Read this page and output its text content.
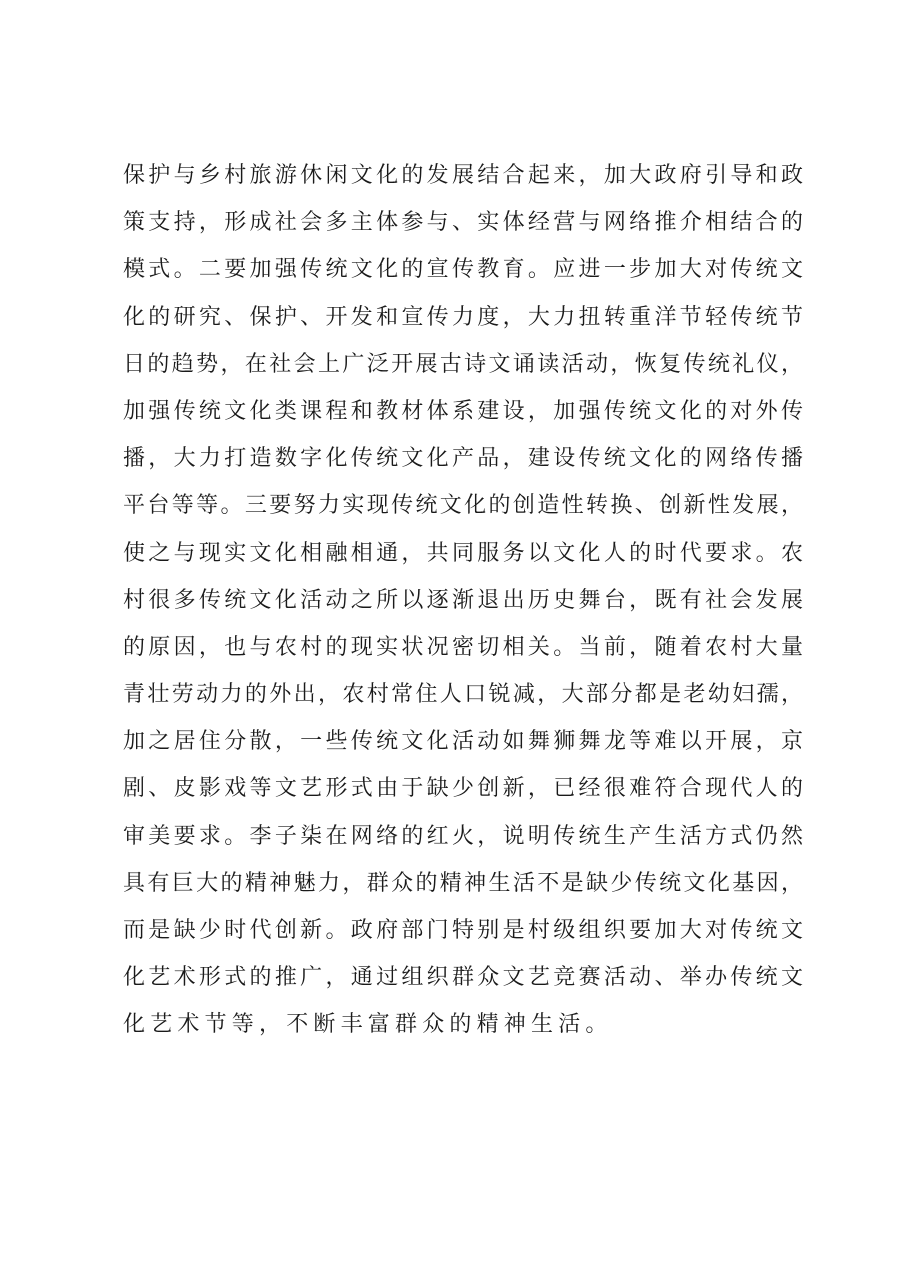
保护与乡村旅游休闲文化的发展结合起来，加大政府引导和政
策支持，形成社会多主体参与、实体经营与网络推介相结合的
模式。二要加强传统文化的宣传教育。应进一步加大对传统文
化的研究、保护、开发和宣传力度，大力扭转重洋节轻传统节
日的趋势，在社会上广泛开展古诗文诵读活动，恢复传统礼仪，
加强传统文化类课程和教材体系建设，加强传统文化的对外传
播，大力打造数字化传统文化产品，建设传统文化的网络传播
平台等等。三要努力实现传统文化的创造性转换、创新性发展，
使之与现实文化相融相通，共同服务以文化人的时代要求。农
村很多传统文化活动之所以逐渐退出历史舞台，既有社会发展
的原因，也与农村的现实状况密切相关。当前，随着农村大量
青壮劳动力的外出，农村常住人口锐减，大部分都是老幼妇孺，
加之居住分散，一些传统文化活动如舞狮舞龙等难以开展，京
剧、皮影戏等文艺形式由于缺少创新，已经很难符合现代人的
审美要求。李子柒在网络的红火，说明传统生产生活方式仍然
具有巨大的精神魅力，群众的精神生活不是缺少传统文化基因，
而是缺少时代创新。政府部门特别是村级组织要加大对传统文
化艺术形式的推广，通过组织群众文艺竞赛活动、举办传统文
化艺术节等，不断丰富群众的精神生活。
